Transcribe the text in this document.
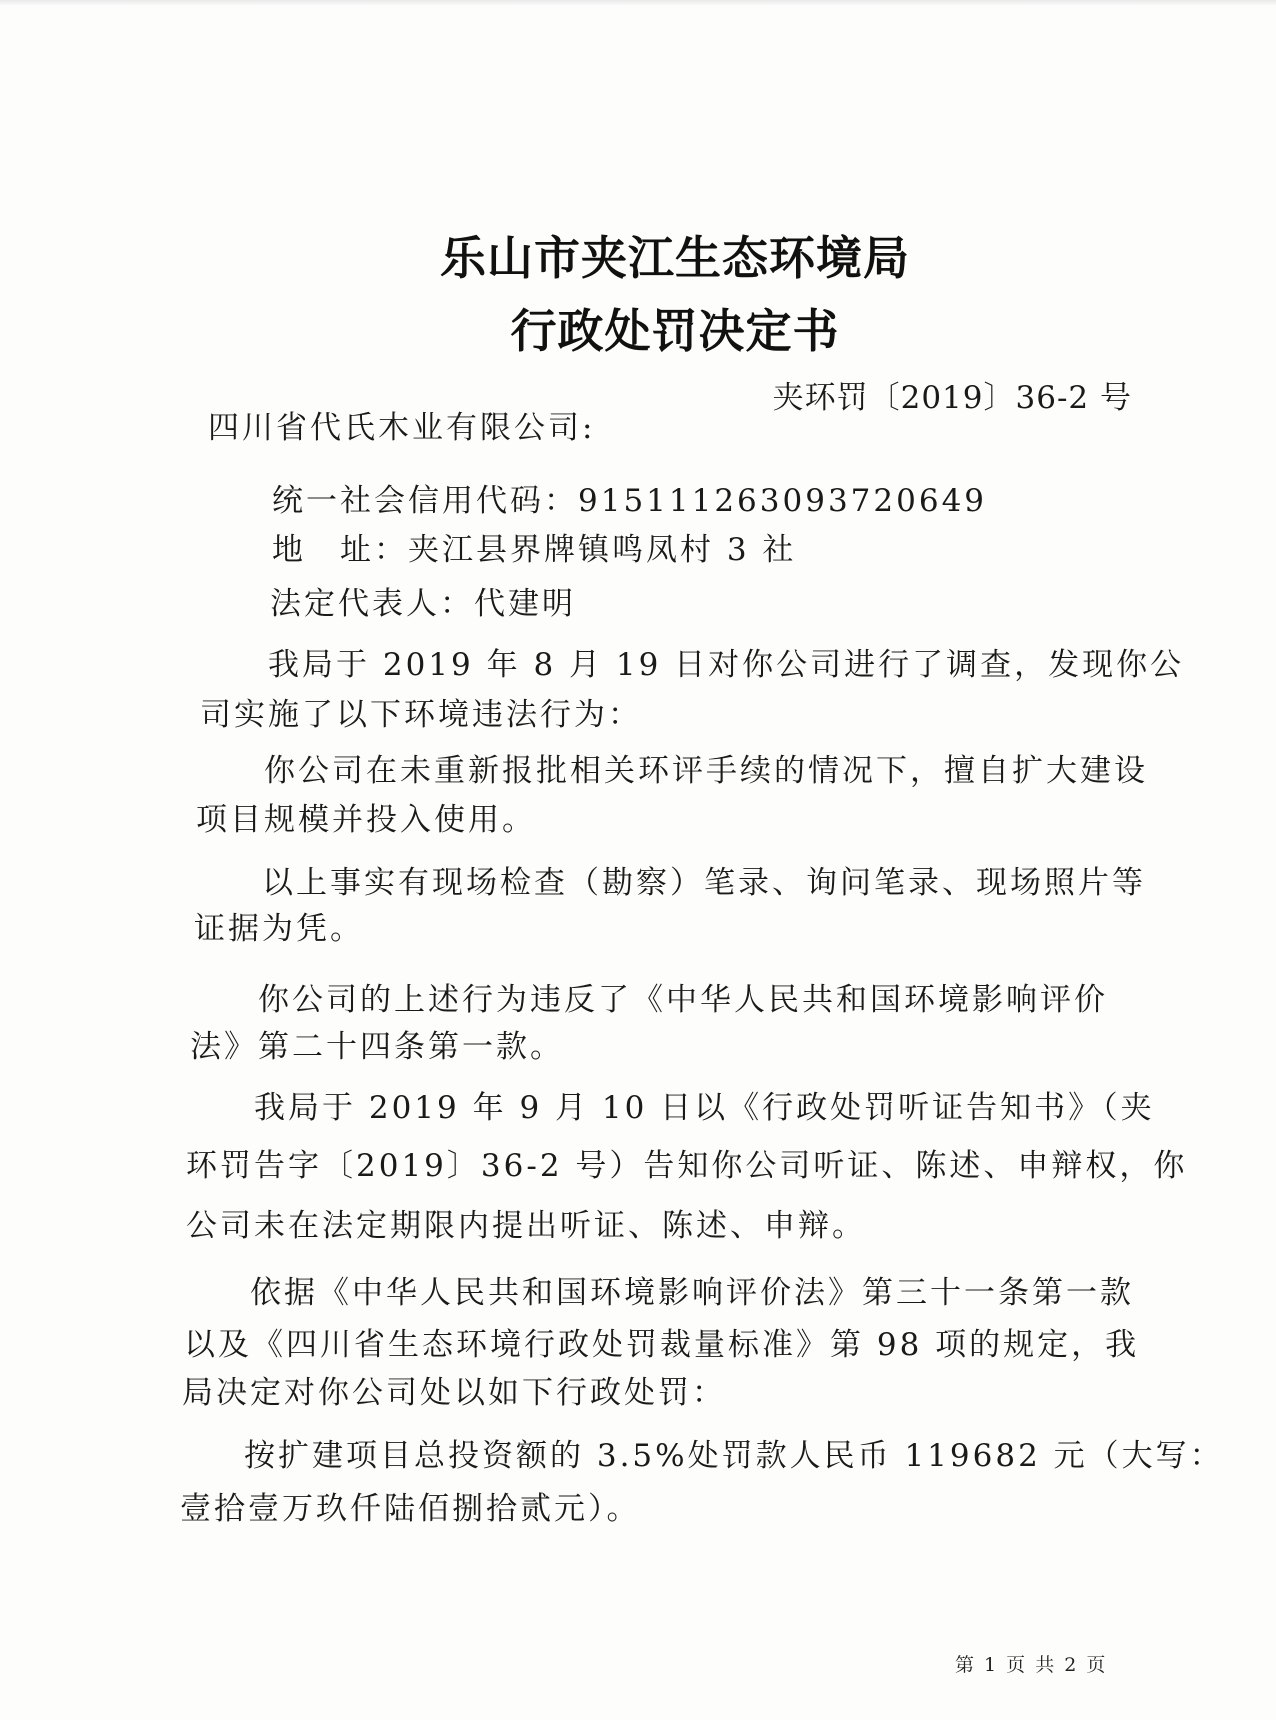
乐山市夹江生态环境局
行政处罚决定书
夹环罚〔2019〕36-2 号
四川省代氏木业有限公司:
统一社会信用代码：915111263093720649
地　址：夹江县界牌镇鸣凤村 3 社
法定代表人：代建明
我局于 2019 年 8 月 19 日对你公司进行了调查，发现你公
司实施了以下环境违法行为：
你公司在未重新报批相关环评手续的情况下，擅自扩大建设
项目规模并投入使用。
以上事实有现场检查（勘察）笔录、询问笔录、现场照片等
证据为凭。
你公司的上述行为违反了《中华人民共和国环境影响评价
法》第二十四条第一款。
我局于 2019 年 9 月 10 日以《行政处罚听证告知书》（夹
环罚告字〔2019〕36-2 号）告知你公司听证、陈述、申辩权，你
公司未在法定期限内提出听证、陈述、申辩。
依据《中华人民共和国环境影响评价法》第三十一条第一款
以及《四川省生态环境行政处罚裁量标准》第 98 项的规定，我
局决定对你公司处以如下行政处罚：
按扩建项目总投资额的 3.5%处罚款人民币 119682 元（大写：
壹拾壹万玖仟陆佰捌拾贰元）。
第 1 页 共 2 页
